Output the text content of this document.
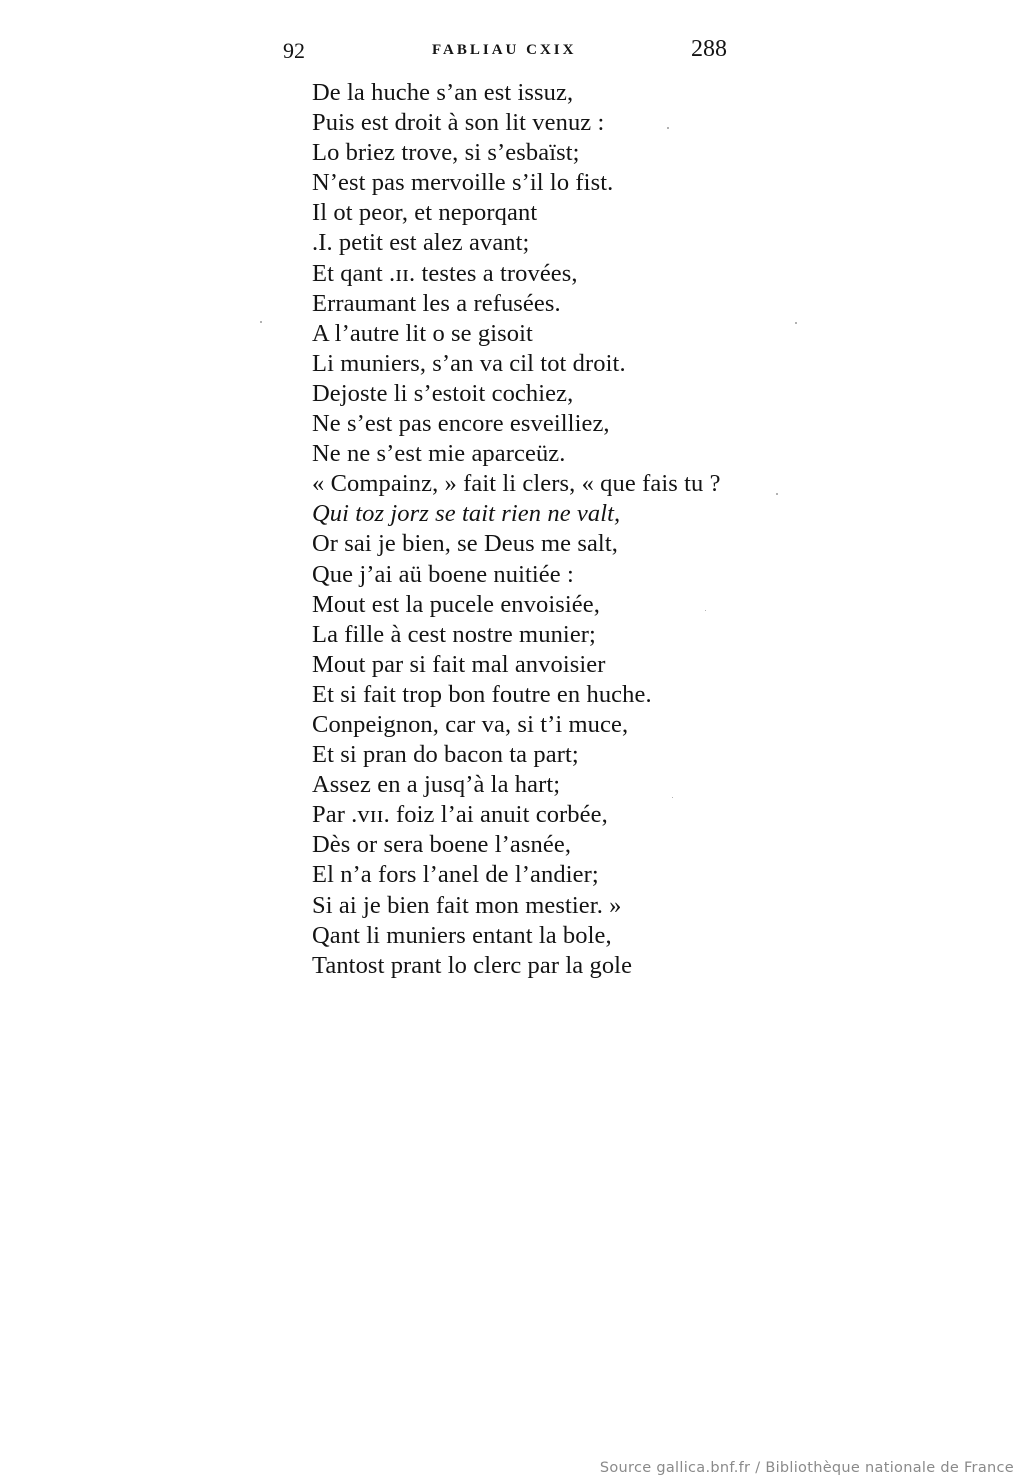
92	FABLIAU CXIX	288
De la huche s’an est issuz,
Puis est droit à son lit venuz :
Lo briez trove, si s’esbaïst;
N’est pas mervoille s’il lo fist.
Il ot peor, et neporqant
.I. petit est alez avant;
Et qant .ɪɪ. testes a trovées,
Erraumant les a refusées.
A l’autre lit o se gisoit
Li muniers, s’an va cil tot droit.
Dejoste li s’estoit cochiez,
Ne s’est pas encore esveilliez,
Ne ne s’est mie aparceüz.
« Compainz, » fait li clers, « que fais tu ?
Qui toz jorz se tait rien ne valt,
Or sai je bien, se Deus me salt,
Que j’ai aü boene nuitiée :
Mout est la pucele envoisiée,
La fille à cest nostre munier;
Mout par si fait mal anvoisier
Et si fait trop bon foutre en huche.
Conpeignon, car va, si t’i muce,
Et si pran do bacon ta part;
Assez en a jusq’à la hart;
Par .ᴠɪɪ. foiz l’ai anuit corbée,
Dès or sera boene l’asnée,
El n’a fors l’anel de l’andier;
Si ai je bien fait mon mestier. »
Qant li muniers entant la bole,
Tantost prant lo clerc par la gole
Source gallica.bnf.fr / Bibliothèque nationale de France
